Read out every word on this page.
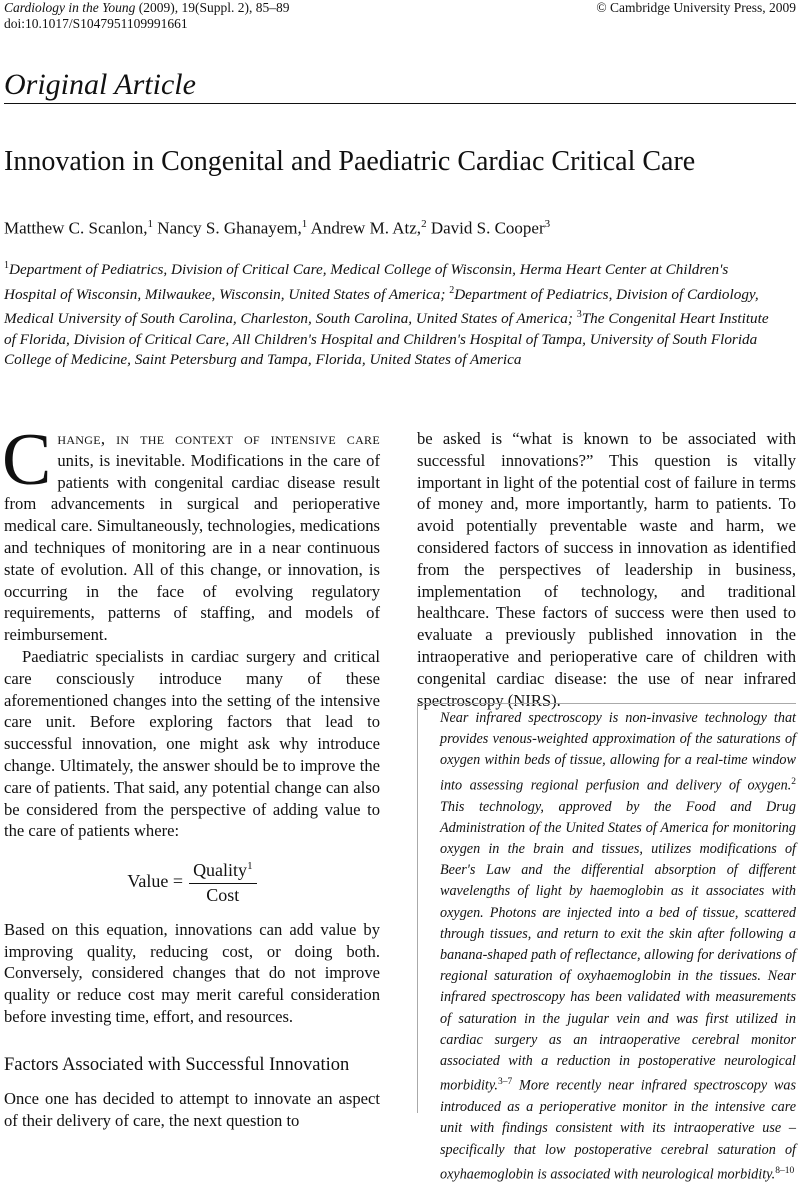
Cardiology in the Young (2009), 19(Suppl. 2), 85–89	© Cambridge University Press, 2009
doi:10.1017/S1047951109991661
Original Article
Innovation in Congenital and Paediatric Cardiac Critical Care
Matthew C. Scanlon,$^1$ Nancy S. Ghanayem,$^1$ Andrew M. Atz,$^2$ David S. Cooper$^3$
$^1$Department of Pediatrics, Division of Critical Care, Medical College of Wisconsin, Herma Heart Center at Children's Hospital of Wisconsin, Milwaukee, Wisconsin, United States of America; $^2$Department of Pediatrics, Division of Cardiology, Medical University of South Carolina, Charleston, South Carolina, United States of America; $^3$The Congenital Heart Institute of Florida, Division of Critical Care, All Children's Hospital and Children's Hospital of Tampa, University of South Florida College of Medicine, Saint Petersburg and Tampa, Florida, United States of America

Change, in the context of intensive care units, is inevitable. Modifications in the care of patients with congenital cardiac disease result from advancements in surgical and perioperative medical care. Simultaneously, technologies, medications and techniques of monitoring are in a near continuous state of evolution. All of this change, or innovation, is occurring in the face of evolving regulatory requirements, patterns of staffing, and models of reimbursement.

Paediatric specialists in cardiac surgery and critical care consciously introduce many of these aforementioned changes into the setting of the intensive care unit. Before exploring factors that lead to successful innovation, one might ask why introduce change. Ultimately, the answer should be to improve the care of patients. That said, any potential change can also be considered from the perspective of adding value to the care of patients where:

Value = $\frac{Quality^1}{\text{Cost}}$

Based on this equation, innovations can add value by improving quality, reducing cost, or doing both. Conversely, considered changes that do not improve quality or reduce cost may merit careful consideration before investing time, effort, and resources.

Factors Associated with Successful Innovation

Once one has decided to attempt to innovate an aspect of their delivery of care, the next question to

be asked is “what is known to be associated with successful innovations?” This question is vitally important in light of the potential cost of failure in terms of money and, more importantly, harm to patients. To avoid potentially preventable waste and harm, we considered factors of success in innovation as identified from the perspectives of leadership in business, implementation of technology, and traditional healthcare. These factors of success were then used to evaluate a previously published innovation in the intraoperative and perioperative care of children with congenital cardiac disease: the use of near infrared spectroscopy (NIRS).

Near infrared spectroscopy is non-invasive technology that provides venous-weighted approximation of the saturations of oxygen within beds of tissue, allowing for a real-time window into assessing regional perfusion and delivery of oxygen.$^2$ This technology, approved by the Food and Drug Administration of the United States of America for monitoring oxygen in the brain and tissues, utilizes modifications of Beer's Law and the differential absorption of different wavelengths of light by haemoglobin as it associates with oxygen. Photons are injected into a bed of tissue, scattered through tissues, and return to exit the skin after following a banana-shaped path of reflectance, allowing for derivations of regional saturation of oxyhaemoglobin in the tissues. Near infrared spectroscopy has been validated with measurements of saturation in the jugular vein and was first utilized in cardiac surgery as an intraoperative cerebral monitor associated with a reduction in postoperative neurological morbidity.$^{3-7}$ More recently near infrared spectroscopy was introduced as a perioperative monitor in the intensive care unit with findings consistent with its intraoperative use – specifically that low postoperative cerebral saturation of oxyhaemoglobin is associated with neurological morbidity.$^{8-10}$
